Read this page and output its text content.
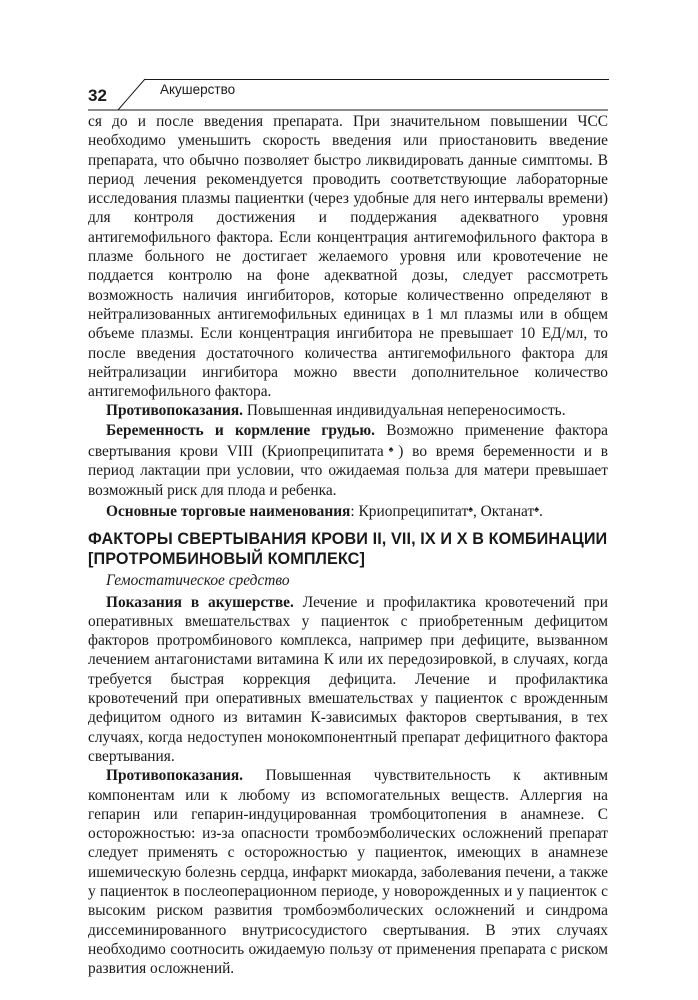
32	Акушерство

ся до и после введения препарата. При значительном повышении ЧСС необходимо уменьшить скорость введения или приостановить введение препарата, что обычно позволяет быстро ликвидировать данные симптомы. В период лечения рекомендуется проводить соответствующие лабораторные исследования плазмы пациентки (через удобные для него интервалы времени) для контроля достижения и поддержания адекватного уровня антигемофильного фактора. Если концентрация антигемофильного фактора в плазме больного не достигает желаемого уровня или кровотечение не поддается контролю на фоне адекватной дозы, следует рассмотреть возможность наличия ингибиторов, которые количественно определяют в нейтрализованных антигемофильных единицах в 1 мл плазмы или в общем объеме плазмы. Если концентрация ингибитора не превышает 10 ЕД/мл, то после введения достаточного количества антигемофильного фактора для нейтрализации ингибитора можно ввести дополнительное количество антигемофильного фактора.

Противопоказания. Повышенная индивидуальная непереносимость.

Беременность и кормление грудью. Возможно применение фактора свертывания крови VIII (Криопреципитата♠) во время беременности и в период лактации при условии, что ожидаемая польза для матери превышает возможный риск для плода и ребенка.

Основные торговые наименования: Криопреципитат♠, Октанат♠.

ФАКТОРЫ СВЕРТЫВАНИЯ КРОВИ II, VII, IX И X В КОМБИНАЦИИ [ПРОТРОМБИНОВЫЙ КОМПЛЕКС]

Гемостатическое средство

Показания в акушерстве. Лечение и профилактика кровотечений при оперативных вмешательствах у пациенток с приобретенным дефицитом факторов протромбинового комплекса, например при дефиците, вызванном лечением антагонистами витамина К или их передозировкой, в случаях, когда требуется быстрая коррекция дефицита. Лечение и профилактика кровотечений при оперативных вмешательствах у пациенток с врожденным дефицитом одного из витамин К-зависимых факторов свертывания, в тех случаях, когда недоступен монокомпонентный препарат дефицитного фактора свертывания.

Противопоказания. Повышенная чувствительность к активным компонентам или к любому из вспомогательных веществ. Аллергия на гепарин или гепарин-индуцированная тромбоцитопения в анамнезе. С осторожностью: из-за опасности тромбоэмболических осложнений препарат следует применять с осторожностью у пациенток, имеющих в анамнезе ишемическую болезнь сердца, инфаркт миокарда, заболевания печени, а также у пациенток в послеоперационном периоде, у новорожденных и у пациенток с высоким риском развития тромбоэмболических осложнений и синдрома диссеминированного внутрисосудистого свертывания. В этих случаях необходимо соотносить ожидаемую пользу от применения препарата с риском развития осложнений.
